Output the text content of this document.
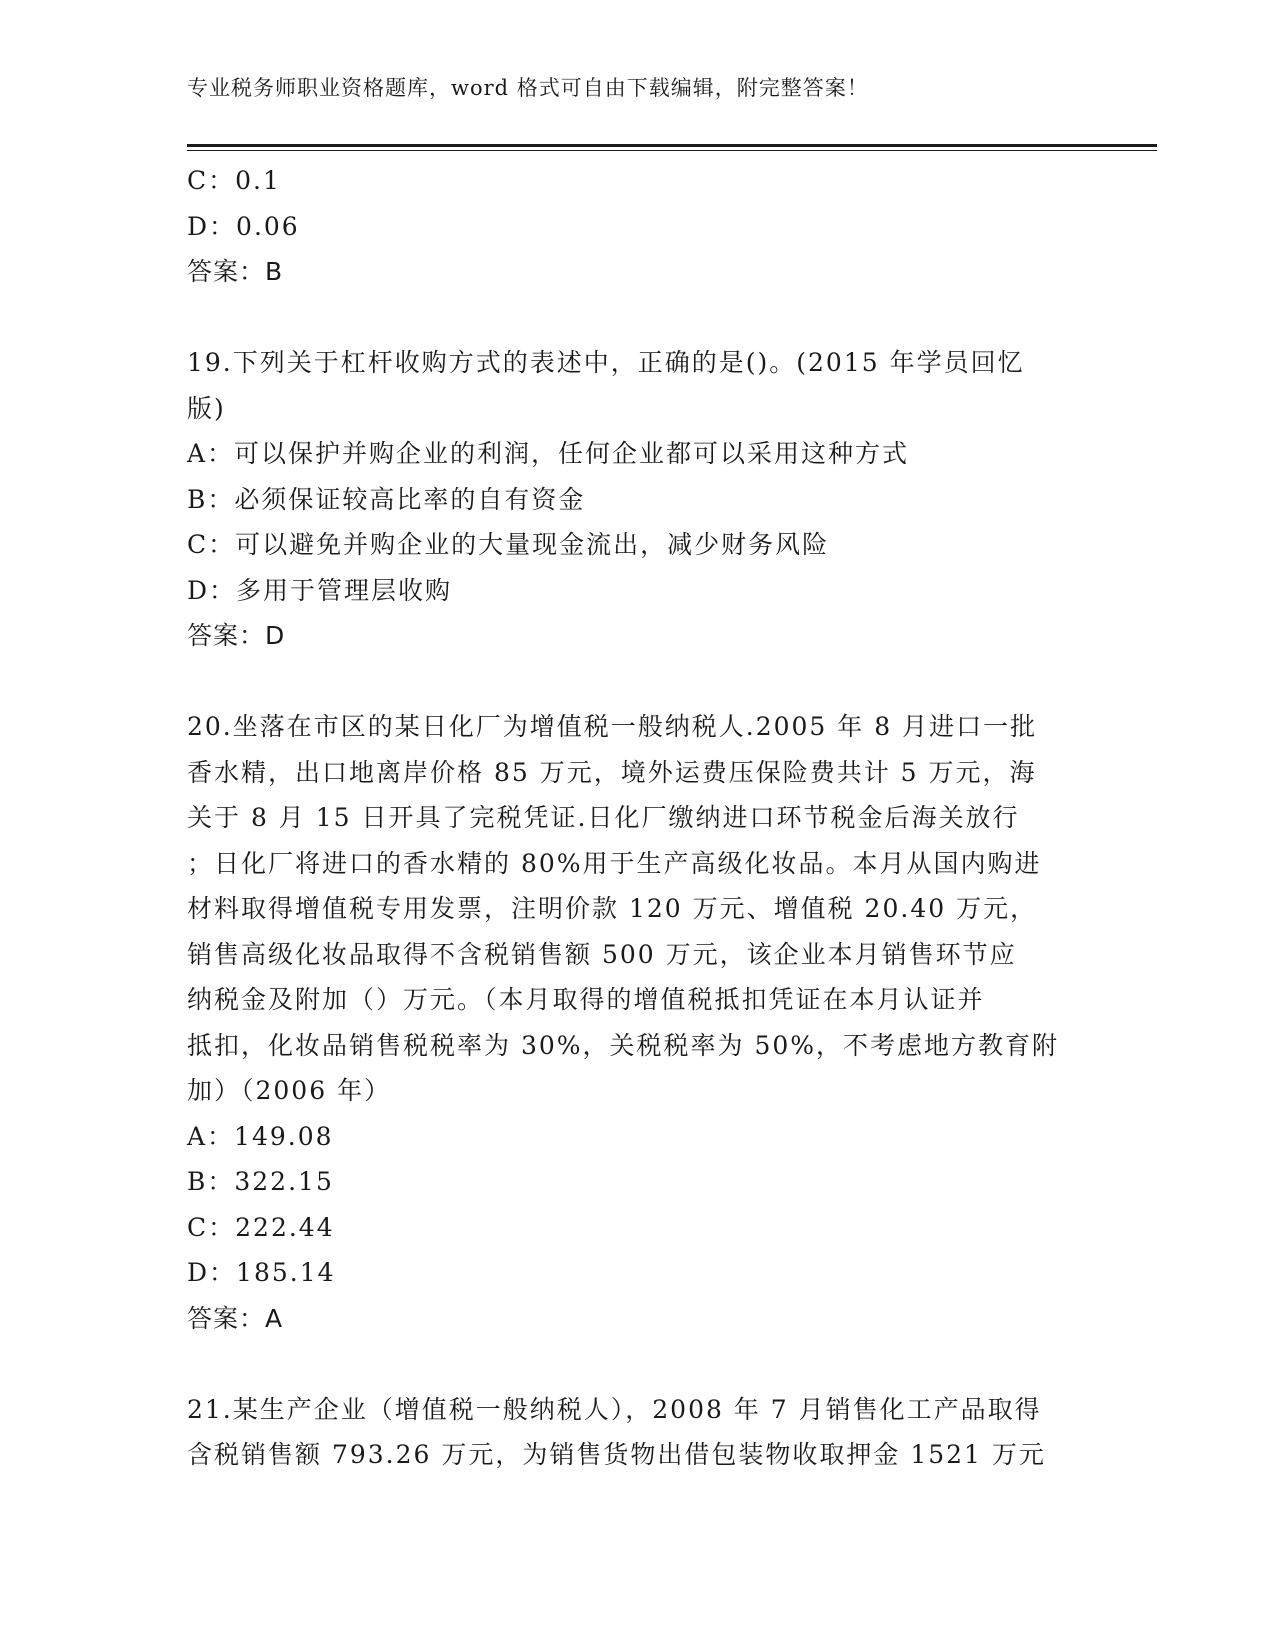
专业税务师职业资格题库，word 格式可自由下载编辑，附完整答案！
C：0.1
D：0.06
答案：B
19.下列关于杠杆收购方式的表述中，正确的是()。(2015 年学员回忆
版)
A：可以保护并购企业的利润，任何企业都可以采用这种方式
B：必须保证较高比率的自有资金
C：可以避免并购企业的大量现金流出，减少财务风险
D：多用于管理层收购
答案：D
20.坐落在市区的某日化厂为增值税一般纳税人.2005 年 8 月进口一批
香水精，出口地离岸价格 85 万元，境外运费压保险费共计 5 万元，海
关于 8 月 15 日开具了完税凭证.日化厂缴纳进口环节税金后海关放行
；日化厂将进口的香水精的 80%用于生产高级化妆品。本月从国内购进
材料取得增值税专用发票，注明价款 120 万元、增值税 20.40 万元，
销售高级化妆品取得不含税销售额 500 万元，该企业本月销售环节应
纳税金及附加（）万元。（本月取得的增值税抵扣凭证在本月认证并
抵扣，化妆品销售税税率为 30%，关税税率为 50%，不考虑地方教育附
加）（2006 年）
A：149.08
B：322.15
C：222.44
D：185.14
答案：A
21.某生产企业（增值税一般纳税人），2008 年 7 月销售化工产品取得
含税销售额 793.26 万元，为销售货物出借包装物收取押金 1521 万元
